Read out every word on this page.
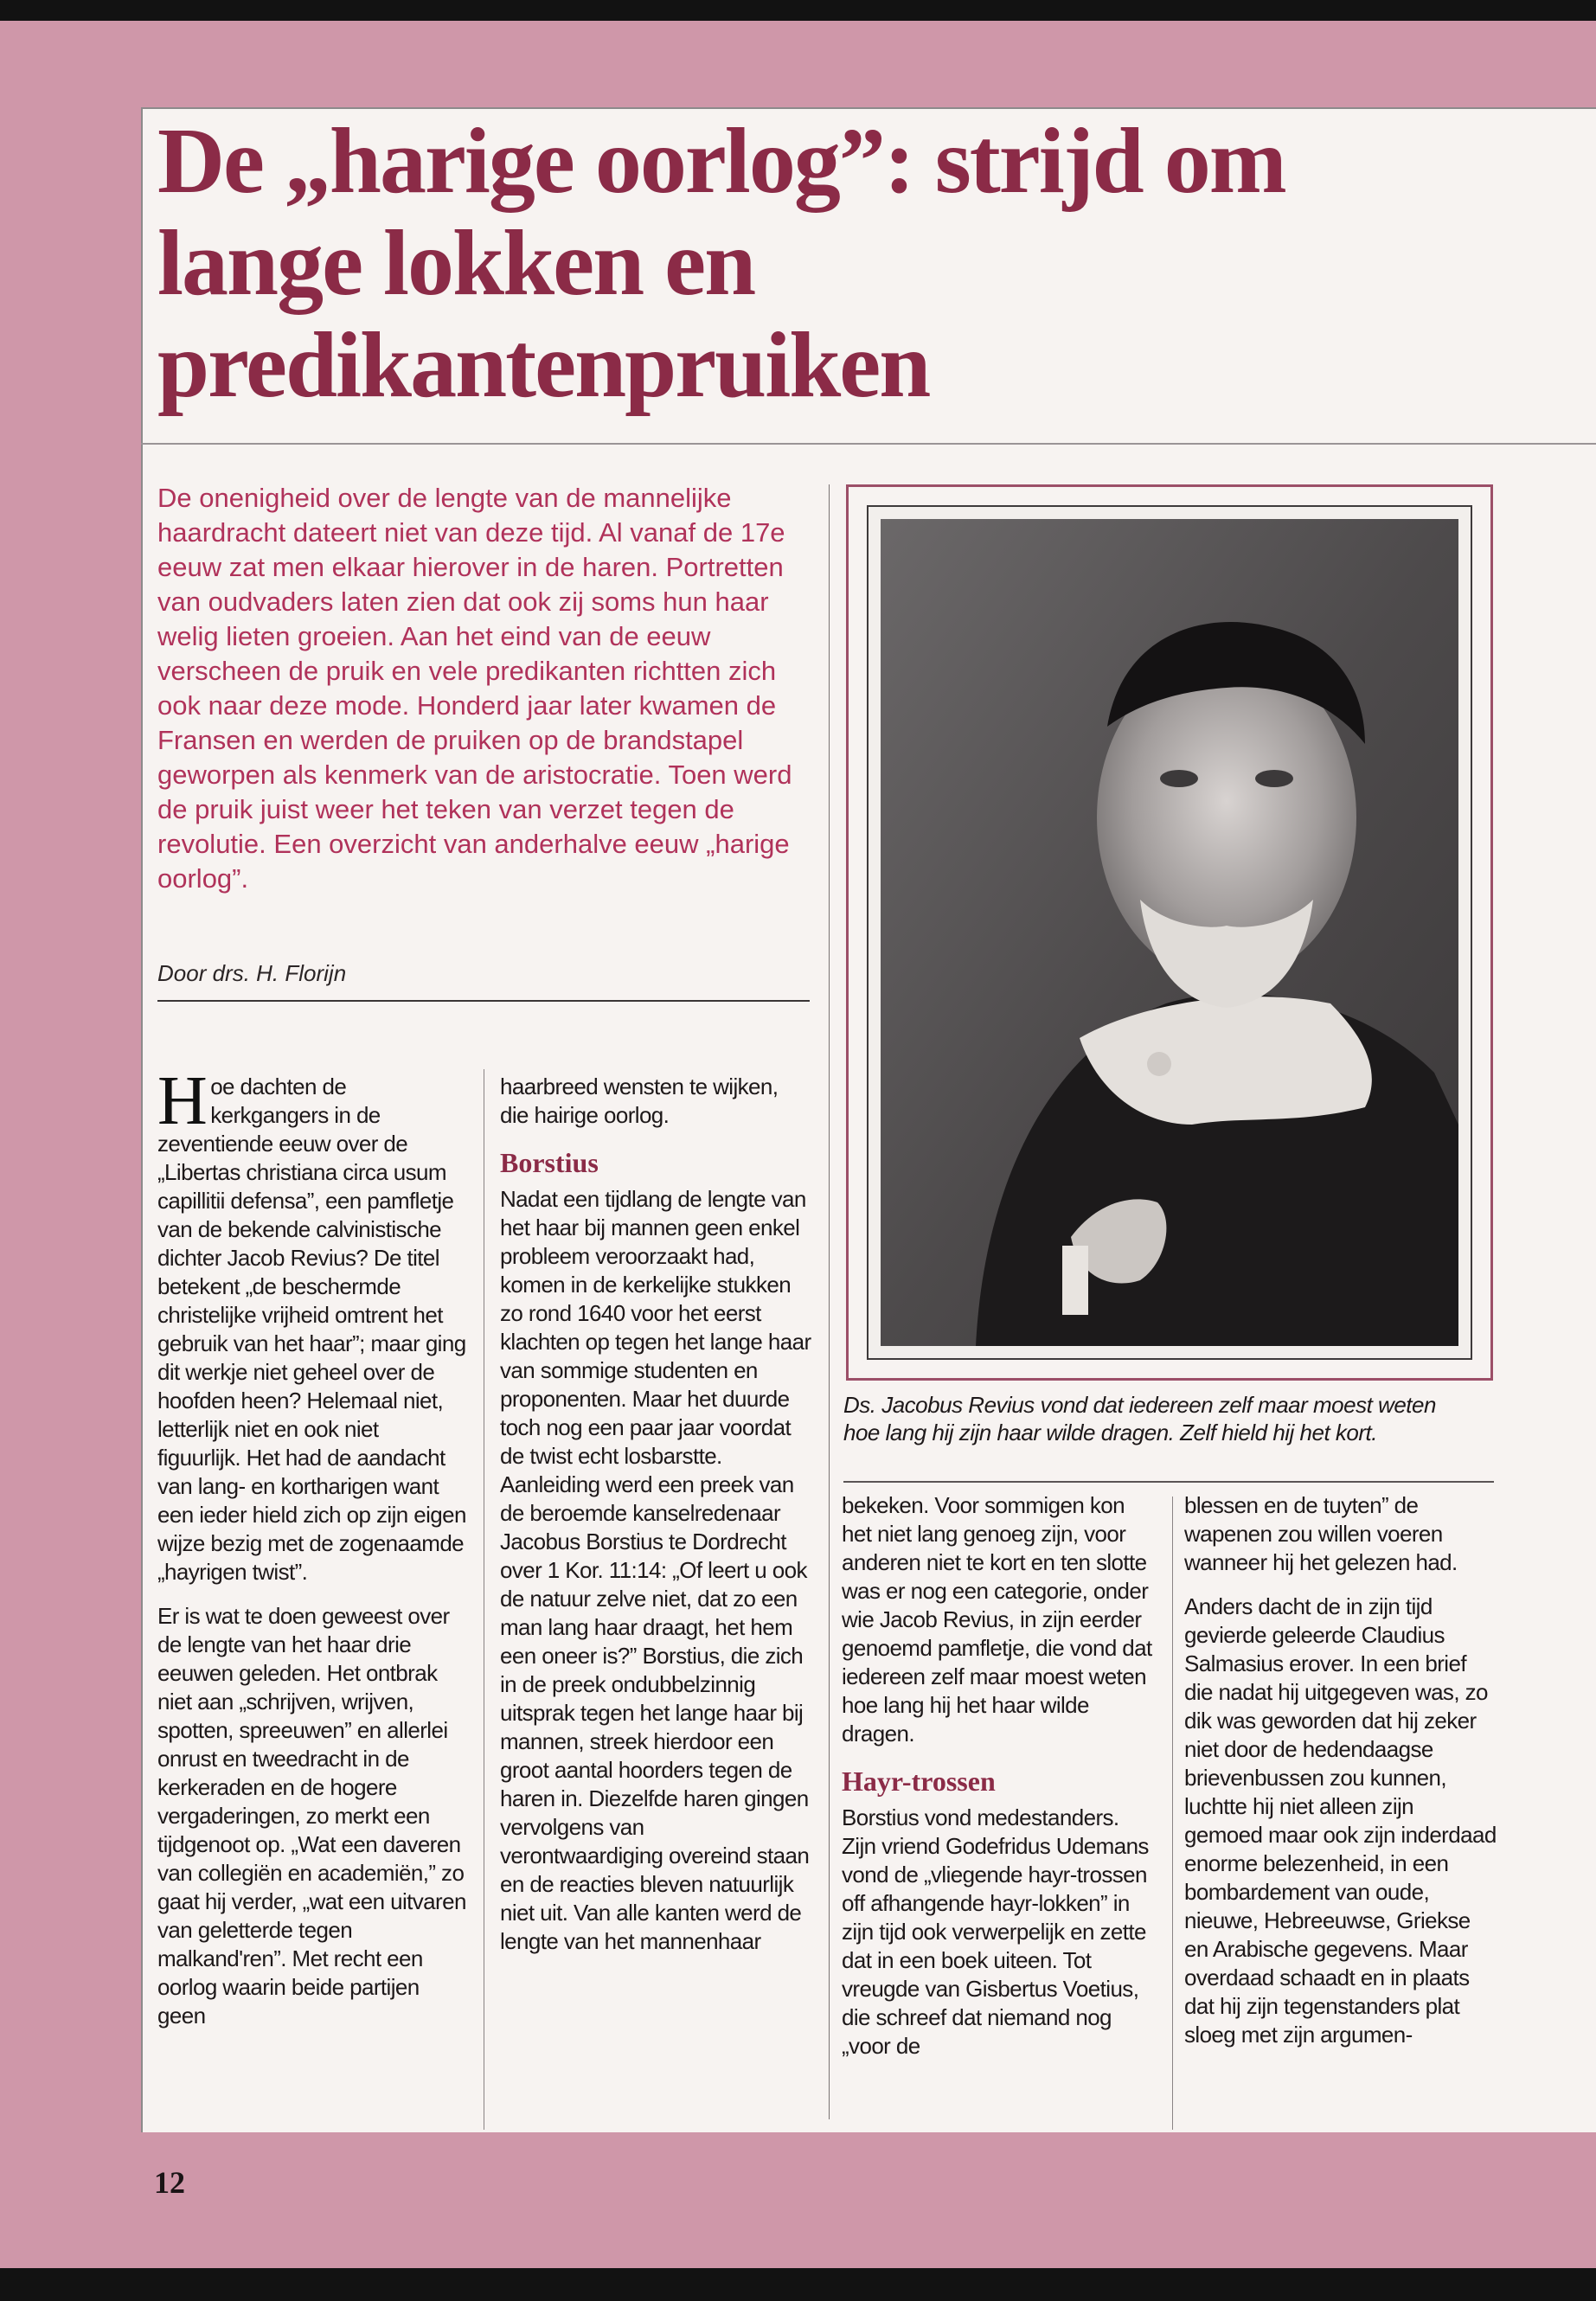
De „harige oorlog”: strijd om lange lokken en predikantenpruiken

De onenigheid over de lengte van de mannelijke haardracht dateert niet van deze tijd. Al vanaf de 17e eeuw zat men elkaar hierover in de haren. Portretten van oudvaders laten zien dat ook zij soms hun haar welig lieten groeien. Aan het eind van de eeuw verscheen de pruik en vele predikanten richtten zich ook naar deze mode. Honderd jaar later kwamen de Fransen en werden de pruiken op de brandstapel geworpen als kenmerk van de aristocratie. Toen werd de pruik juist weer het teken van verzet tegen de revolutie. Een overzicht van anderhalve eeuw „harige oorlog”.

Door drs. H. Florijn

Hoe dachten de kerkgangers in de zeventiende eeuw over de „Libertas christiana circa usum capillitii defensa”, een pamfletje van de bekende calvinistische dichter Jacob Revius? De titel betekent „de beschermde christelijke vrijheid omtrent het gebruik van het haar”; maar ging dit werkje niet geheel over de hoofden heen? Helemaal niet, letterlijk niet en ook niet figuurlijk. Het had de aandacht van lang- en kortharigen want een ieder hield zich op zijn eigen wijze bezig met de zogenaamde „hayrigen twist”.

Er is wat te doen geweest over de lengte van het haar drie eeuwen geleden. Het ontbrak niet aan „schrijven, wrijven, spotten, spreeuwen” en allerlei onrust en tweedracht in de kerkeraden en de hogere vergaderingen, zo merkt een tijdgenoot op. „Wat een daveren van collegiën en academiën,” zo gaat hij verder, „wat een uitvaren van geletterde tegen malkand'ren”. Met recht een oorlog waarin beide partijen geen

haarbreed wensten te wijken, die hairige oorlog.

Borstius

Nadat een tijdlang de lengte van het haar bij mannen geen enkel probleem veroorzaakt had, komen in de kerkelijke stukken zo rond 1640 voor het eerst klachten op tegen het lange haar van sommige studenten en proponenten. Maar het duurde toch nog een paar jaar voordat de twist echt losbarstte. Aanleiding werd een preek van de beroemde kanselredenaar Jacobus Borstius te Dordrecht over 1 Kor. 11:14: „Of leert u ook de natuur zelve niet, dat zo een man lang haar draagt, het hem een oneer is?” Borstius, die zich in de preek ondubbelzinnig uitsprak tegen het lange haar bij mannen, streek hierdoor een groot aantal hoorders tegen de haren in. Diezelfde haren gingen vervolgens van verontwaardiging overeind staan en de reacties bleven natuurlijk niet uit. Van alle kanten werd de lengte van het mannenhaar

Ds. Jacobus Revius vond dat iedereen zelf maar moest weten hoe lang hij zijn haar wilde dragen. Zelf hield hij het kort.

bekeken. Voor sommigen kon het niet lang genoeg zijn, voor anderen niet te kort en ten slotte was er nog een categorie, onder wie Jacob Revius, in zijn eerder genoemd pamfletje, die vond dat iedereen zelf maar moest weten hoe lang hij het haar wilde dragen.

Hayr-trossen

Borstius vond medestanders. Zijn vriend Godefridus Udemans vond de „vliegende hayr-trossen off afhangende hayr-lokken” in zijn tijd ook verwerpelijk en zette dat in een boek uiteen. Tot vreugde van Gisbertus Voetius, die schreef dat niemand nog „voor de

blessen en de tuyten” de wapenen zou willen voeren wanneer hij het gelezen had.

Anders dacht de in zijn tijd gevierde geleerde Claudius Salmasius erover. In een brief die nadat hij uitgegeven was, zo dik was geworden dat hij zeker niet door de hedendaagse brievenbussen zou kunnen, luchtte hij niet alleen zijn gemoed maar ook zijn inderdaad enorme belezenheid, in een bombardement van oude, nieuwe, Hebreeuwse, Griekse en Arabische gegevens. Maar overdaad schaadt en in plaats dat hij zijn tegenstanders plat sloeg met zijn argumen-

12
